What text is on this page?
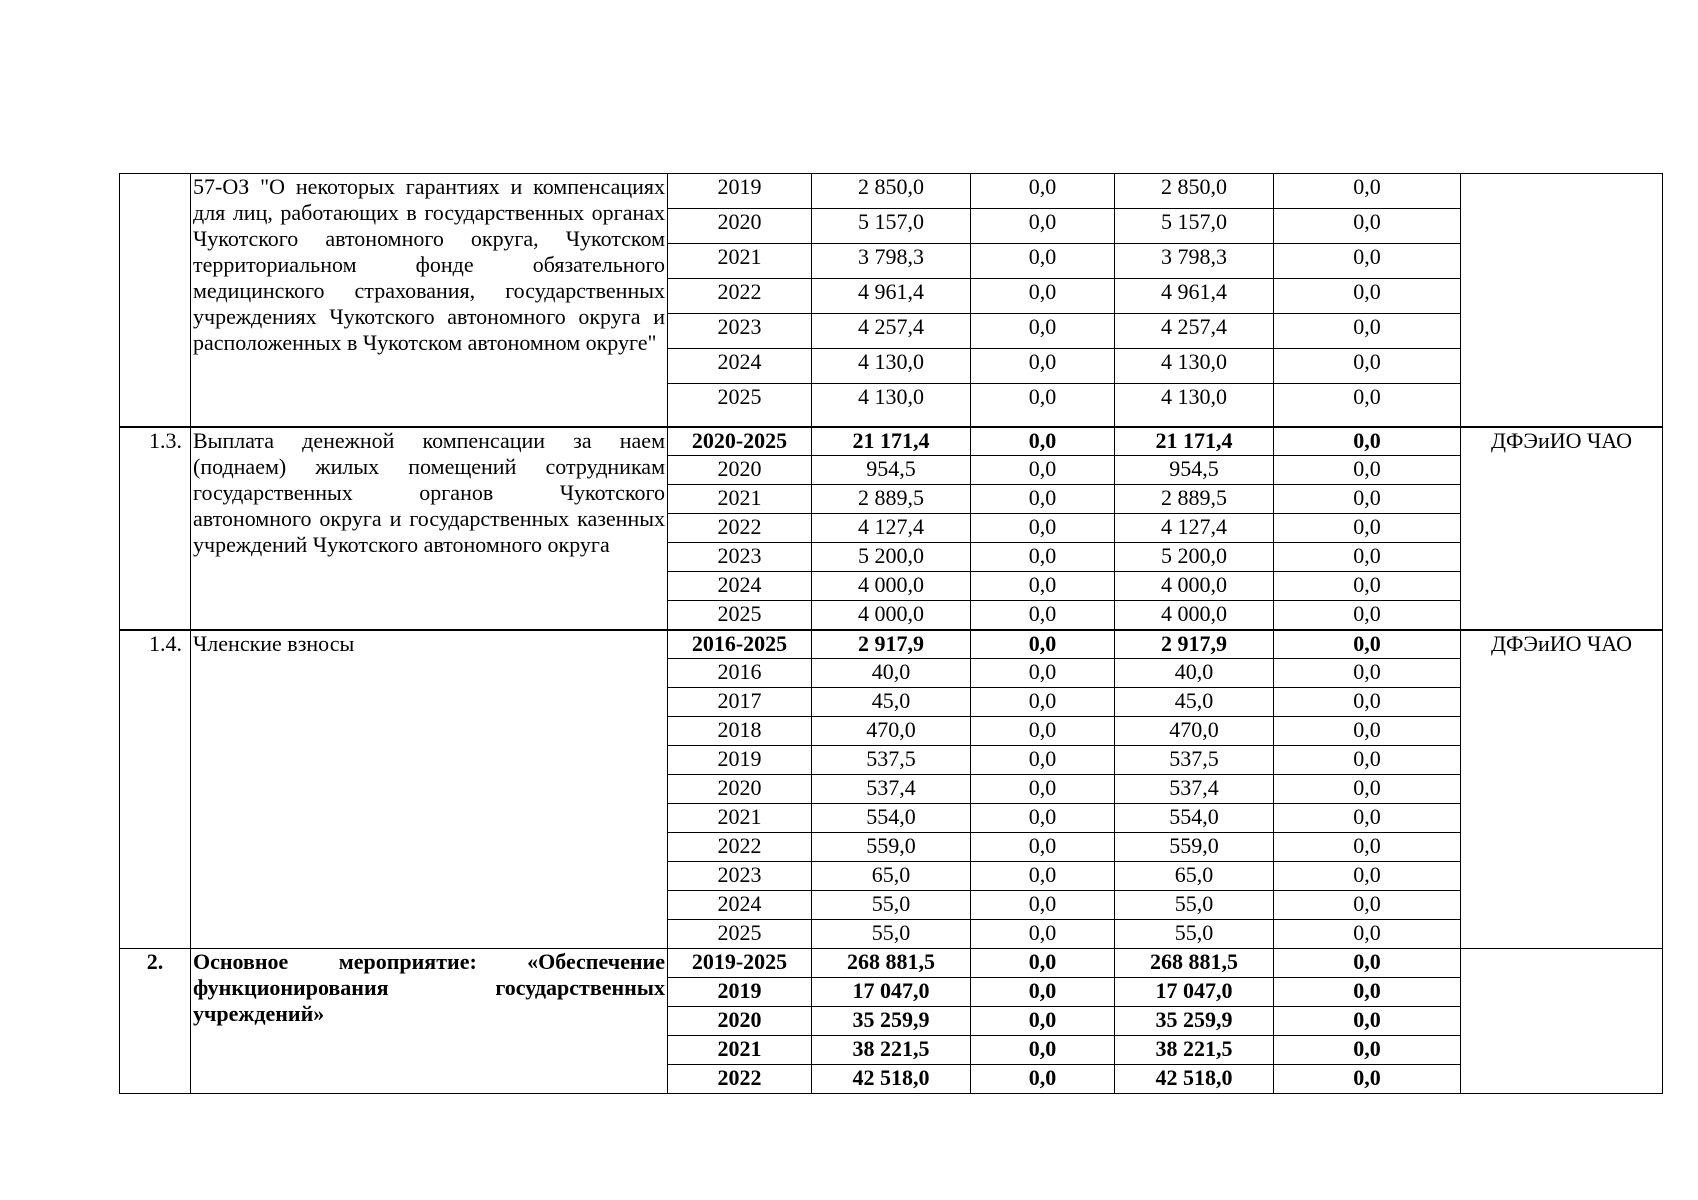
	57-ОЗ "О некоторых гарантиях и компенсациях для лиц, работающих в государственных органах Чукотского автономного округа, Чукотском территориальном фонде обязательного медицинского страхования, государственных учреждениях Чукотского автономного округа и расположенных в Чукотском автономном округе"	2019	2 850,0	0,0	2 850,0	0,0	
		2020	5 157,0	0,0	5 157,0	0,0	
		2021	3 798,3	0,0	3 798,3	0,0	
		2022	4 961,4	0,0	4 961,4	0,0	
		2023	4 257,4	0,0	4 257,4	0,0	
		2024	4 130,0	0,0	4 130,0	0,0	
		2025	4 130,0	0,0	4 130,0	0,0	
1.3.	Выплата денежной компенсации за наем (поднаем) жилых помещений сотрудникам государственных органов Чукотского автономного округа и государственных казенных учреждений Чукотского автономного округа	2020-2025	21 171,4	0,0	21 171,4	0,0	ДФЭиИО ЧАО
		2020	954,5	0,0	954,5	0,0	
		2021	2 889,5	0,0	2 889,5	0,0	
		2022	4 127,4	0,0	4 127,4	0,0	
		2023	5 200,0	0,0	5 200,0	0,0	
		2024	4 000,0	0,0	4 000,0	0,0	
		2025	4 000,0	0,0	4 000,0	0,0	
1.4.	Членские взносы	2016-2025	2 917,9	0,0	2 917,9	0,0	ДФЭиИО ЧАО
		2016	40,0	0,0	40,0	0,0	
		2017	45,0	0,0	45,0	0,0	
		2018	470,0	0,0	470,0	0,0	
		2019	537,5	0,0	537,5	0,0	
		2020	537,4	0,0	537,4	0,0	
		2021	554,0	0,0	554,0	0,0	
		2022	559,0	0,0	559,0	0,0	
		2023	65,0	0,0	65,0	0,0	
		2024	55,0	0,0	55,0	0,0	
		2025	55,0	0,0	55,0	0,0	
2.	Основное мероприятие: «Обеспечение функционирования государственных учреждений»	2019-2025	268 881,5	0,0	268 881,5	0,0	
		2019	17 047,0	0,0	17 047,0	0,0	
		2020	35 259,9	0,0	35 259,9	0,0	
		2021	38 221,5	0,0	38 221,5	0,0	
		2022	42 518,0	0,0	42 518,0	0,0	
